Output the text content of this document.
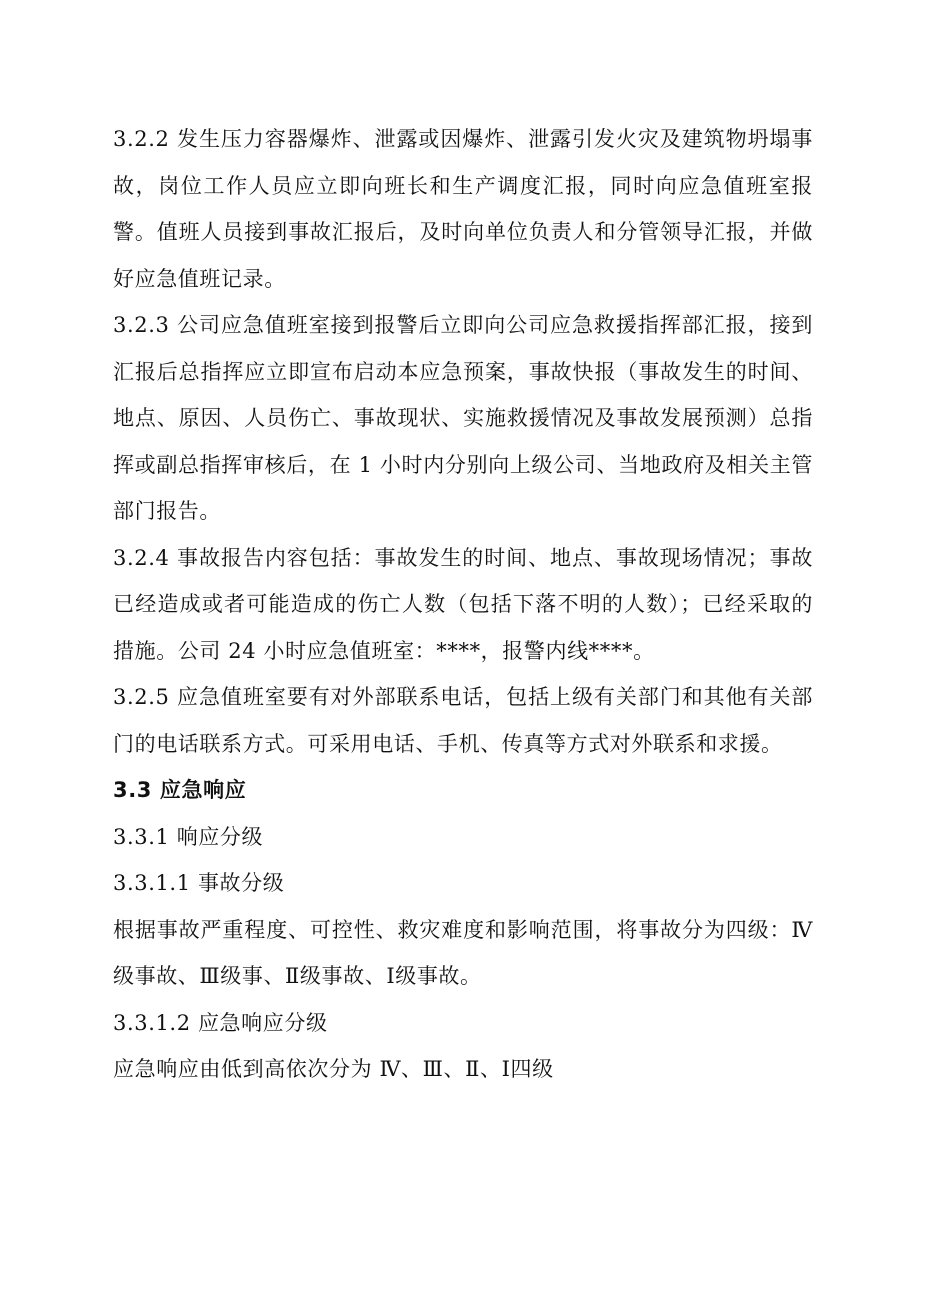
3.2.2 发生压力容器爆炸、泄露或因爆炸、泄露引发火灾及建筑物坍塌事故，岗位工作人员应立即向班长和生产调度汇报，同时向应急值班室报警。值班人员接到事故汇报后，及时向单位负责人和分管领导汇报，并做好应急值班记录。

3.2.3 公司应急值班室接到报警后立即向公司应急救援指挥部汇报，接到汇报后总指挥应立即宣布启动本应急预案，事故快报（事故发生的时间、地点、原因、人员伤亡、事故现状、实施救援情况及事故发展预测）总指挥或副总指挥审核后，在 1 小时内分别向上级公司、当地政府及相关主管部门报告。

3.2.4 事故报告内容包括：事故发生的时间、地点、事故现场情况；事故已经造成或者可能造成的伤亡人数（包括下落不明的人数）；已经采取的措施。公司 24 小时应急值班室：****，报警内线****。

3.2.5 应急值班室要有对外部联系电话，包括上级有关部门和其他有关部门的电话联系方式。可采用电话、手机、传真等方式对外联系和求援。

3.3 应急响应

3.3.1 响应分级

3.3.1.1 事故分级

根据事故严重程度、可控性、救灾难度和影响范围，将事故分为四级：Ⅳ级事故、Ⅲ级事、Ⅱ级事故、Ⅰ级事故。

3.3.1.2 应急响应分级

应急响应由低到高依次分为 Ⅳ、Ⅲ、Ⅱ、Ⅰ四级
